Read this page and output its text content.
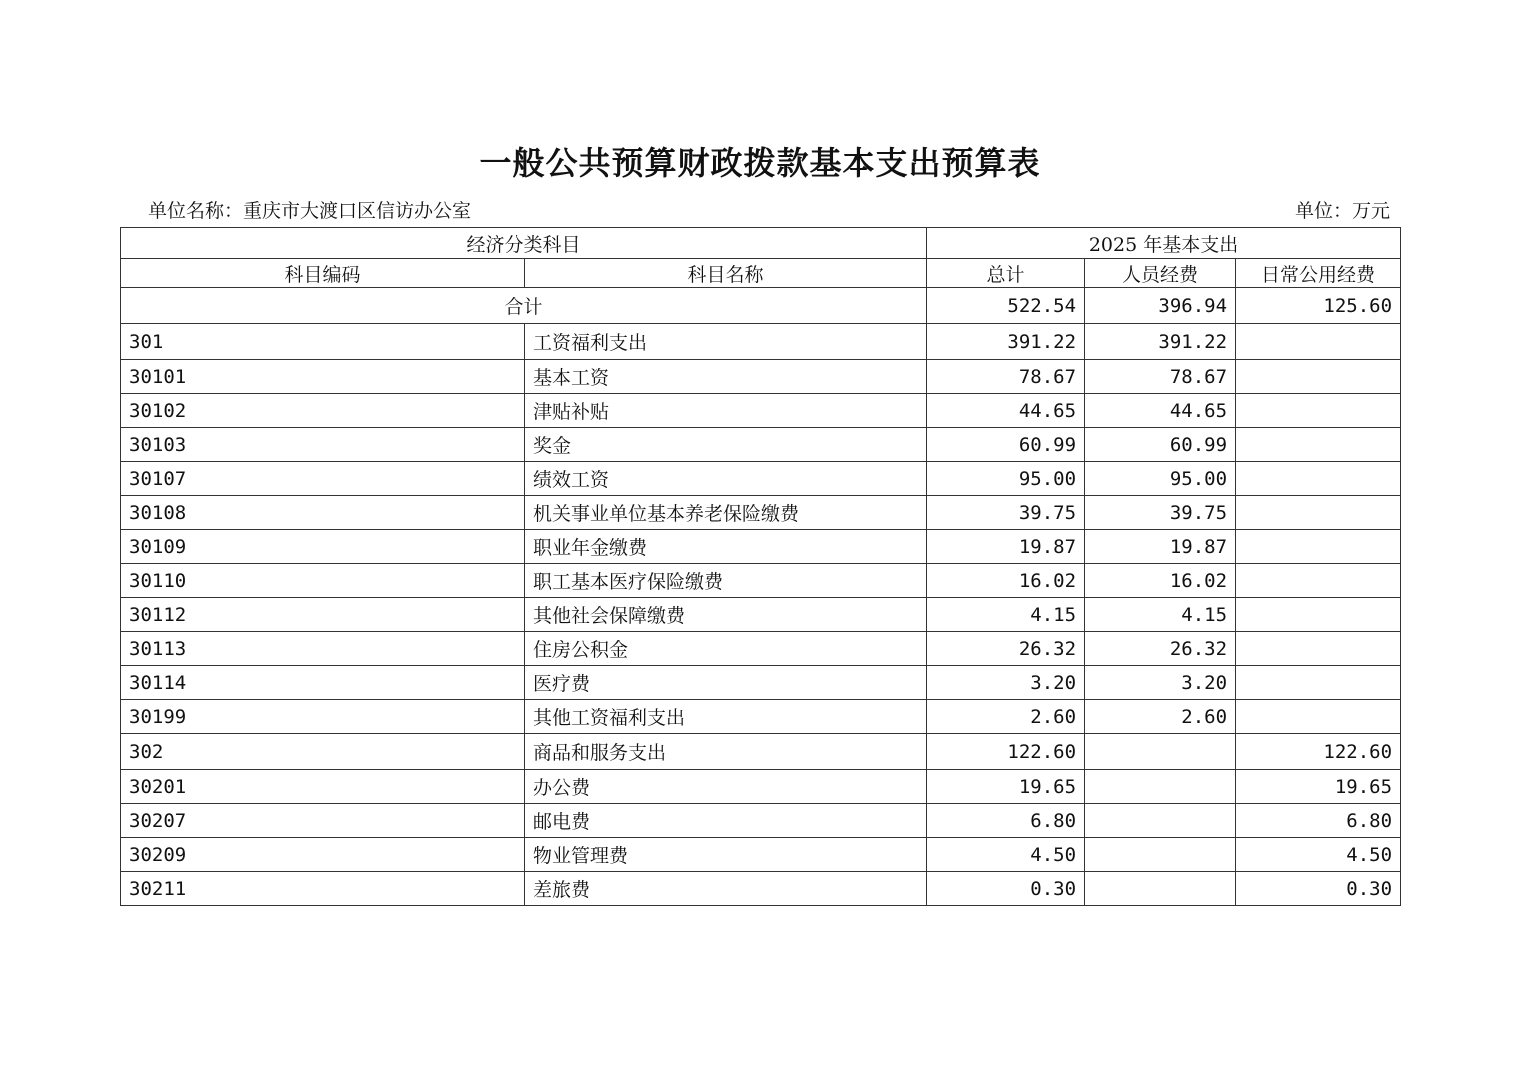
一般公共预算财政拨款基本支出预算表
单位名称：重庆市大渡口区信访办公室	单位：万元
经济分类科目		2025 年基本支出		
科目编码	科目名称	总计	人员经费	日常公用经费
合计		522.54	396.94	125.60
301	工资福利支出	391.22	391.22	
30101	基本工资	78.67	78.67	
30102	津贴补贴	44.65	44.65	
30103	奖金	60.99	60.99	
30107	绩效工资	95.00	95.00	
30108	机关事业单位基本养老保险缴费	39.75	39.75	
30109	职业年金缴费	19.87	19.87	
30110	职工基本医疗保险缴费	16.02	16.02	
30112	其他社会保障缴费	4.15	4.15	
30113	住房公积金	26.32	26.32	
30114	医疗费	3.20	3.20	
30199	其他工资福利支出	2.60	2.60	
302	商品和服务支出	122.60		122.60
30201	办公费	19.65		19.65
30207	邮电费	6.80		6.80
30209	物业管理费	4.50		4.50
30211	差旅费	0.30		0.30
